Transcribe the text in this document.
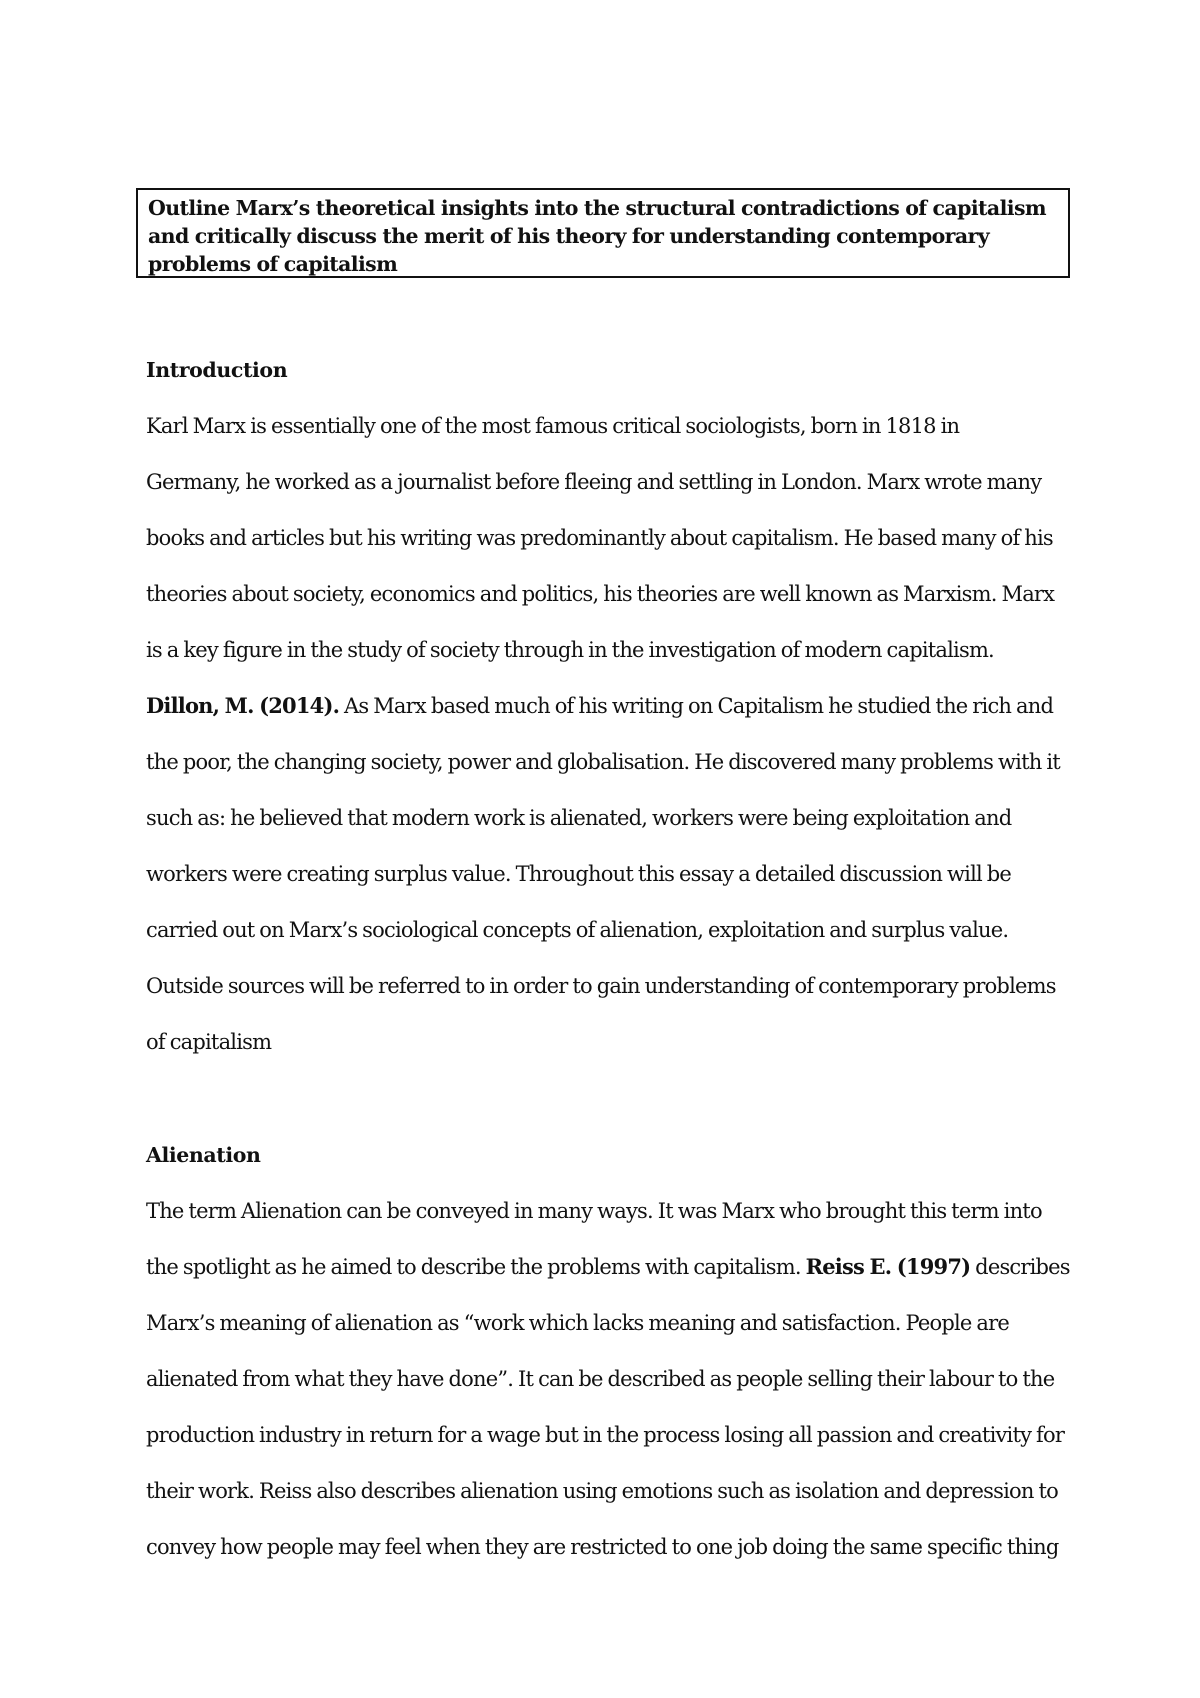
Outline Marx’s theoretical insights into the structural contradictions of capitalism and critically discuss the merit of his theory for understanding contemporary problems of capitalism
Introduction
Karl Marx is essentially one of the most famous critical sociologists, born in 1818 in
Germany, he worked as a journalist before fleeing and settling in London. Marx wrote many
books and articles but his writing was predominantly about capitalism. He based many of his
theories about society, economics and politics, his theories are well known as Marxism. Marx
is a key figure in the study of society through in the investigation of modern capitalism.
Dillon, M. (2014). As Marx based much of his writing on Capitalism he studied the rich and
the poor, the changing society, power and globalisation. He discovered many problems with it
such as: he believed that modern work is alienated, workers were being exploitation and
workers were creating surplus value. Throughout this essay a detailed discussion will be
carried out on Marx’s sociological concepts of alienation, exploitation and surplus value.
Outside sources will be referred to in order to gain understanding of contemporary problems
of capitalism
Alienation
The term Alienation can be conveyed in many ways. It was Marx who brought this term into
the spotlight as he aimed to describe the problems with capitalism. Reiss E. (1997) describes
Marx’s meaning of alienation as “work which lacks meaning and satisfaction. People are
alienated from what they have done”. It can be described as people selling their labour to the
production industry in return for a wage but in the process losing all passion and creativity for
their work. Reiss also describes alienation using emotions such as isolation and depression to
convey how people may feel when they are restricted to one job doing the same specific thing
